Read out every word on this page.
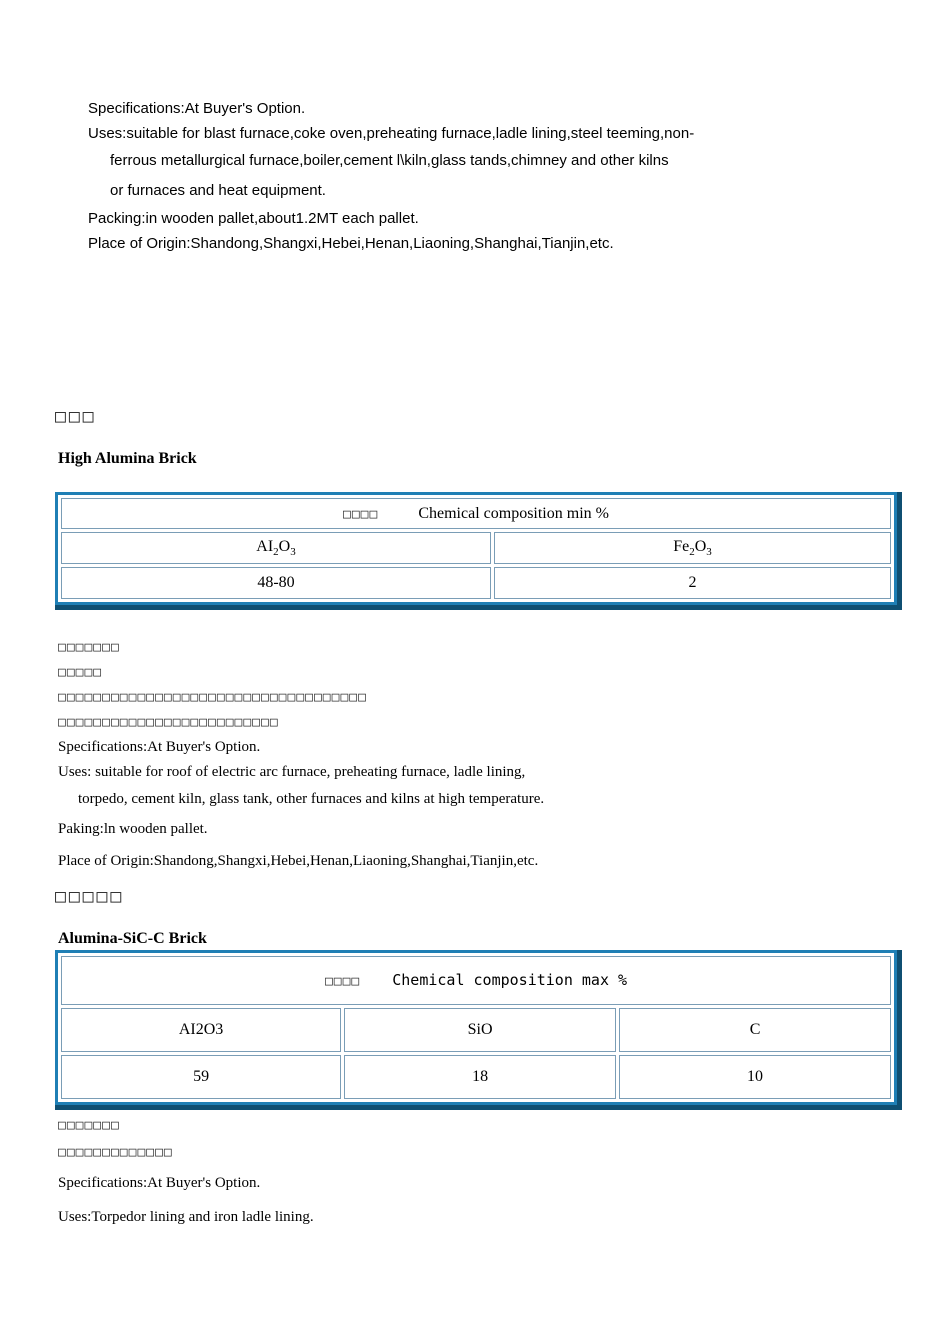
Specifications:At Buyer's Option.
Uses:suitable for blast furnace,coke oven,preheating furnace,ladle lining,steel teeming,non-
ferrous metallurgical furnace,boiler,cement l\kiln,glass tands,chimney and other kilns
or furnaces and heat equipment.
Packing:in wooden pallet,about1.2MT each pallet.
Place of Origin:Shandong,Shangxi,Hebei,Henan,Liaoning,Shanghai,Tianjin,etc.
□□□
High Alumina Brick
□□□□ Chemical composition min %	
$AI_2O_3$	$Fe_2O_3$
48-80	2
□□□□□□□
□□□□□
□□□□□□□□□□□□□□□□□□□□□□□□□□□□□□□□□□□
□□□□□□□□□□□□□□□□□□□□□□□□□
Specifications:At Buyer's Option.
Uses: suitable for roof of electric arc furnace, preheating furnace, ladle lining,
torpedo, cement kiln, glass tank, other furnaces and kilns at high temperature.
Paking:ln wooden pallet.
Place of Origin:Shandong,Shangxi,Hebei,Henan,Liaoning,Shanghai,Tianjin,etc.
□□□□□
Alumina-SiC-C Brick
□□□□ Chemical composition max %		
AI2O3	SiO	C
59	18	10
□□□□□□□
□□□□□□□□□□□□□
Specifications:At Buyer's Option.
Uses:Torpedor lining and iron ladle lining.
